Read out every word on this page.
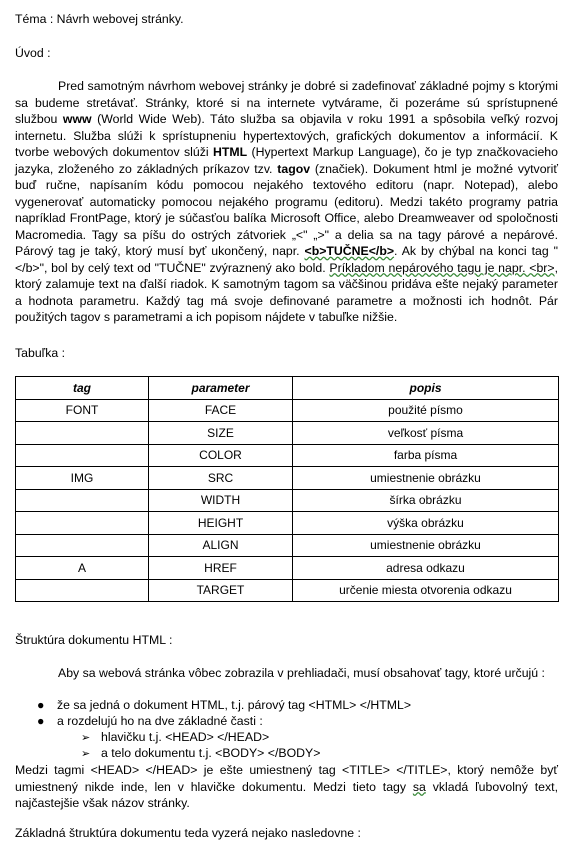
Téma : Návrh webovej stránky.
Úvod :

Pred samotným návrhom webovej stránky je dobré si zadefinovať základné pojmy s ktorými sa budeme stretávať. Stránky, ktoré si na internete vytvárame, či pozeráme sú sprístupnené službou www (World Wide Web). Táto služba sa objavila v roku 1991 a spôsobila veľký rozvoj internetu. Služba slúži k sprístupneniu hypertextových, grafických dokumentov a informácií. K tvorbe webových dokumentov slúži HTML (Hypertext Markup Language), čo je typ značkovacieho jazyka, zloženého zo základných príkazov tzv. tagov (značiek). Dokument html je možné vytvoriť buď ručne, napísaním kódu pomocou nejakého textového editoru (napr. Notepad), alebo vygenerovať automaticky pomocou nejakého programu (editoru). Medzi takéto programy patria napríklad FrontPage, ktorý je súčasťou balíka Microsoft Office, alebo Dreamweaver od spoločnosti Macromedia. Tagy sa píšu do ostrých zátvoriek „<" „>" a delia sa na tagy párové a nepárové. Párový tag je taký, ktorý musí byť ukončený, napr. <b>TUČNE</b>. Ak by chýbal na konci tag "</b>", bol by celý text od "TUČNE" zvýraznený ako bold. Príkladom nepárového tagu je napr. <br>, ktorý zalamuje text na ďalší riadok. K samotným tagom sa väčšinou pridáva ešte nejaký parameter a hodnota parametru. Každý tag má svoje definované parametre a možnosti ich hodnôt. Pár použitých tagov s parametrami a ich popisom nájdete v tabuľke nižšie.

Tabuľka :
tag	parameter	popis
FONT	FACE	použité písmo
	SIZE	veľkosť písma
	COLOR	farba písma
IMG	SRC	umiestnenie obrázku
	WIDTH	šírka obrázku
	HEIGHT	výška obrázku
	ALIGN	umiestnenie obrázku
A	HREF	adresa odkazu
	TARGET	určenie miesta otvorenia odkazu
Štruktúra dokumentu HTML :

Aby sa webová stránka vôbec zobrazila v prehliadači, musí obsahovať tagy, ktoré určujú :

● že sa jedná o dokument HTML, t.j. párový tag <HTML> </HTML>
● a rozdelujú ho na dve základné časti :
➢ hlavičku t.j. <HEAD> </HEAD>
➢ a telo dokumentu t.j. <BODY> </BODY>
Medzi tagmi <HEAD> </HEAD> je ešte umiestnený tag <TITLE> </TITLE>, ktorý nemôže byť umiestnený nikde inde, len v hlavičke dokumentu. Medzi tieto tagy sa vkladá ľubovolný text, najčastejšie však názov stránky.
Základná štruktúra dokumentu teda vyzerá nejako nasledovne :
